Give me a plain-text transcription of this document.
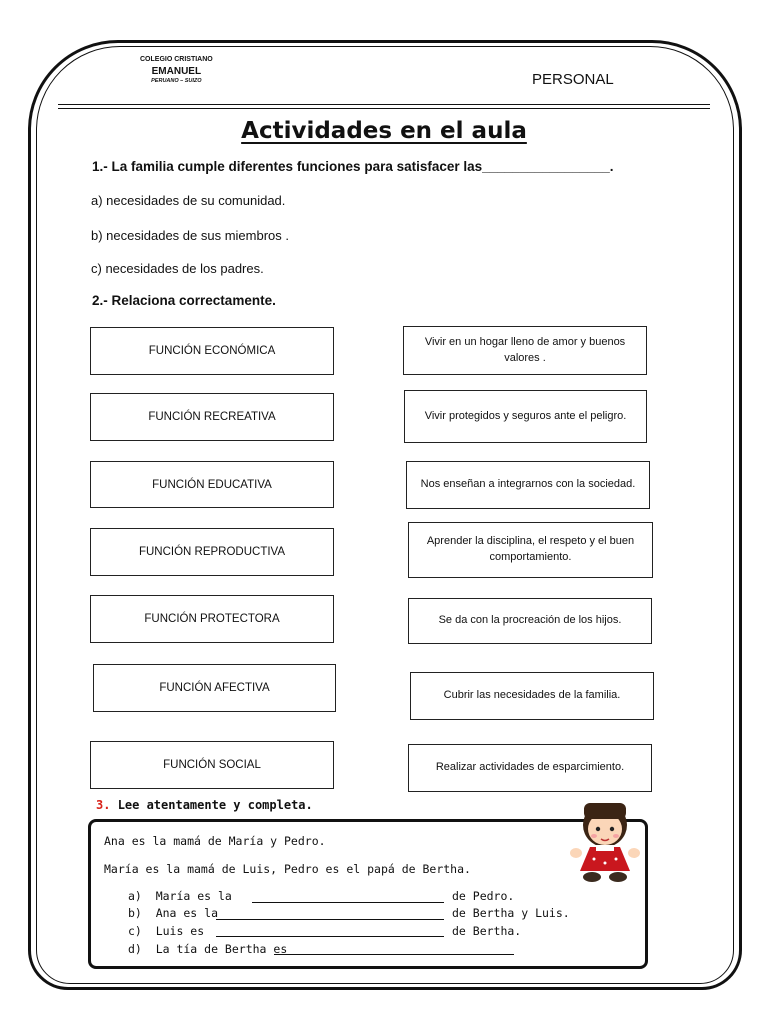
COLEGIO CRISTIANO
EMANUEL
PERUANO – SUIZO	PERSONAL
Actividades en el aula
1.- La familia cumple diferentes funciones para satisfacer las_________________.
a) necesidades de su comunidad.
b) necesidades de sus miembros .
c) necesidades de los padres.
2.- Relaciona correctamente.
FUNCIÓN ECONÓMICA
FUNCIÓN RECREATIVA
FUNCIÓN EDUCATIVA
FUNCIÓN REPRODUCTIVA
FUNCIÓN PROTECTORA
FUNCIÓN AFECTIVA
FUNCIÓN SOCIAL
Vivir en un hogar lleno de amor y buenos valores .
Vivir protegidos y seguros ante el peligro.
Nos enseñan a integrarnos con la sociedad.
Aprender la disciplina, el respeto y el buen comportamiento.
Se da con la procreación de los hijos.
Cubrir las necesidades de la familia.
Realizar actividades de esparcimiento.
3. Lee atentamente y completa.
Ana es la mamá de María y Pedro.
María es la mamá de Luis, Pedro es el papá de Bertha.
a)  María es la	de Pedro.
b)  Ana es la	de Bertha y Luis.
c)  Luis es	de Bertha.
d)  La tía de Bertha es
